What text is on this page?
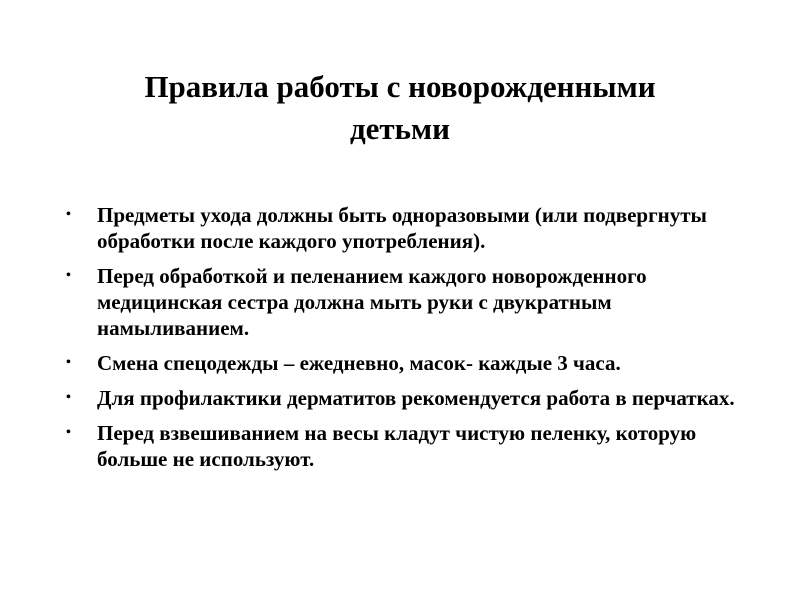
Правила работы с новорожденными
детьми
• Предметы ухода должны быть одноразовыми (или подвергнуты обработки после каждого употребления).
• Перед обработкой и пеленанием каждого новорожденного медицинская сестра должна мыть руки с двукратным намыливанием.
• Смена спецодежды – ежедневно, масок- каждые 3 часа.
• Для профилактики дерматитов рекомендуется работа в перчатках.
• Перед взвешиванием на весы кладут чистую пеленку, которую больше не используют.
